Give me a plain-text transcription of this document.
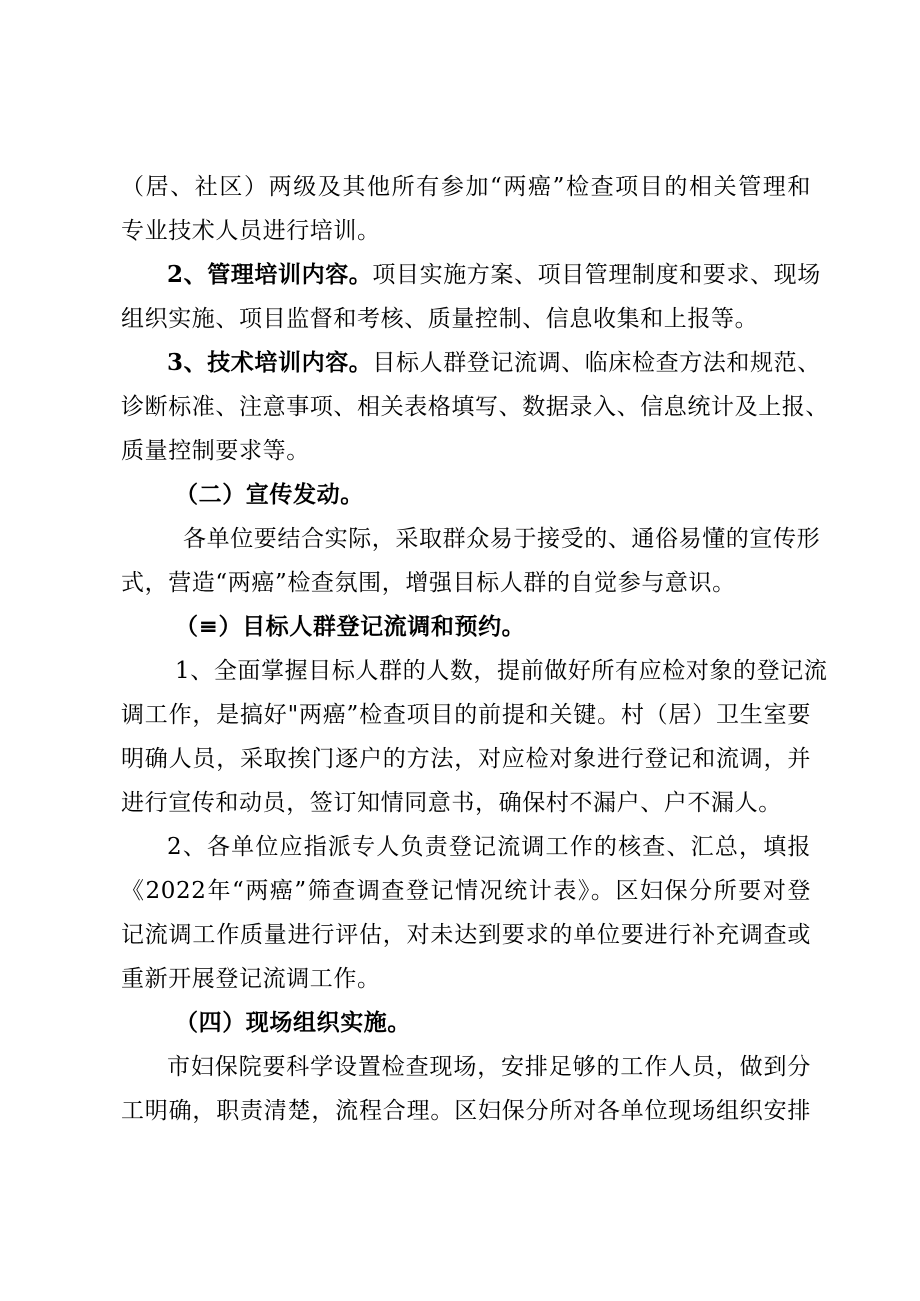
（居、社区）两级及其他所有参加“两癌”检查项目的相关管理和
专业技术人员进行培训。
2、管理培训内容。项目实施方案、项目管理制度和要求、现场
组织实施、项目监督和考核、质量控制、信息收集和上报等。
3、技术培训内容。目标人群登记流调、临床检查方法和规范、
诊断标准、注意事项、相关表格填写、数据录入、信息统计及上报、
质量控制要求等。
（二）宣传发动。
各单位要结合实际，采取群众易于接受的、通俗易懂的宣传形
式，营造“两癌”检查氛围，增强目标人群的自觉参与意识。
（≡）目标人群登记流调和预约。
1、全面掌握目标人群的人数，提前做好所有应检对象的登记流
调工作，是搞好"两癌”检查项目的前提和关键。村（居）卫生室要
明确人员，采取挨门逐户的方法，对应检对象进行登记和流调，并
进行宣传和动员，签订知情同意书，确保村不漏户、户不漏人。
2、各单位应指派专人负责登记流调工作的核查、汇总，填报
《2022年“两癌”筛查调查登记情况统计表》。区妇保分所要对登
记流调工作质量进行评估，对未达到要求的单位要进行补充调查或
重新开展登记流调工作。
（四）现场组织实施。
市妇保院要科学设置检查现场，安排足够的工作人员，做到分
工明确，职责清楚，流程合理。区妇保分所对各单位现场组织安排
